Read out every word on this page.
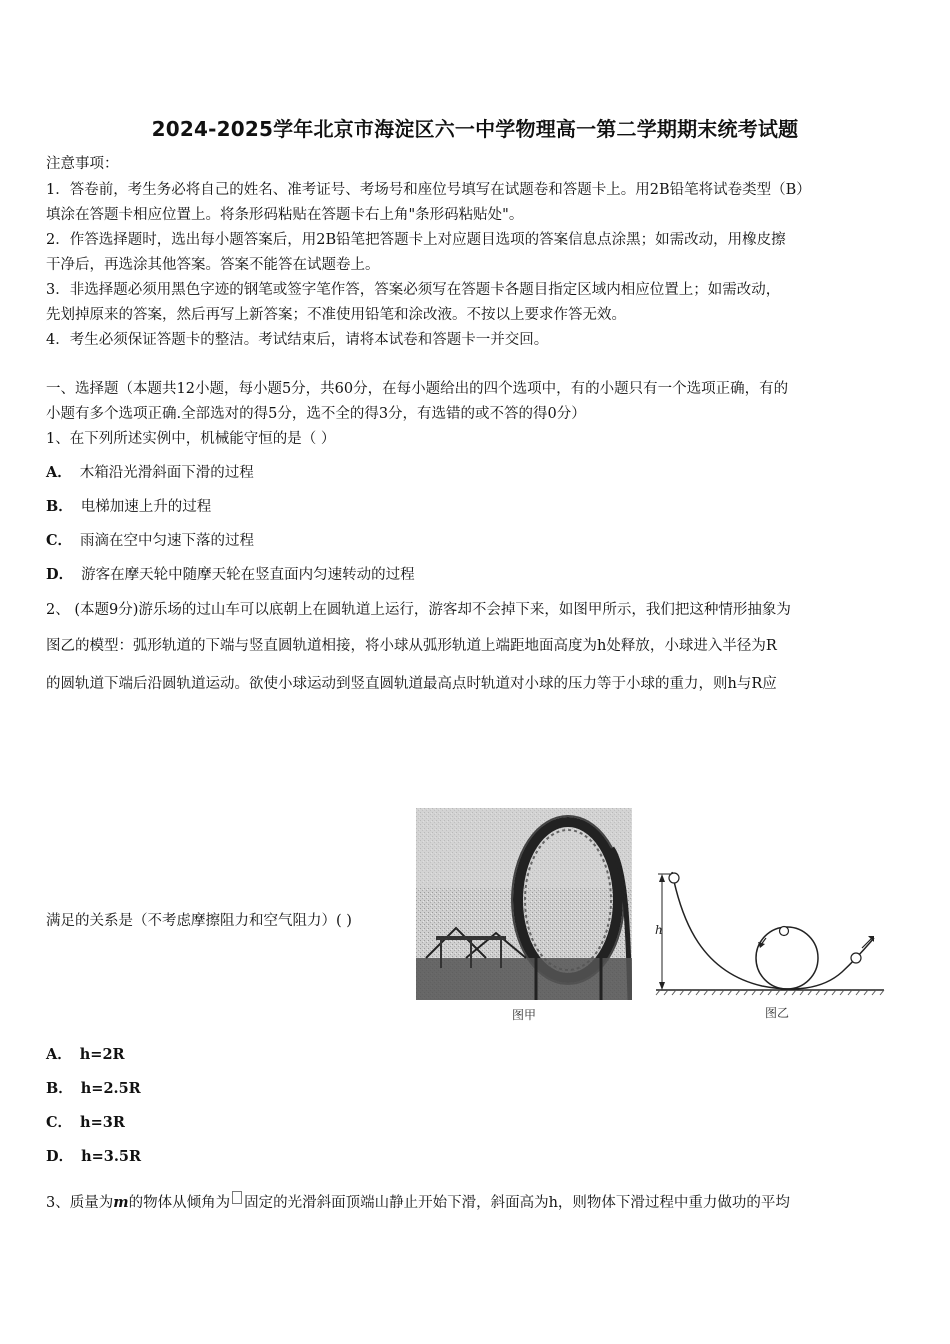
2024-2025学年北京市海淀区六一中学物理高一第二学期期末统考试题
注意事项：
1．答卷前，考生务必将自己的姓名、准考证号、考场号和座位号填写在试题卷和答题卡上。用2B铅笔将试卷类型（B）
填涂在答题卡相应位置上。将条形码粘贴在答题卡右上角"条形码粘贴处"。
2．作答选择题时，选出每小题答案后，用2B铅笔把答题卡上对应题目选项的答案信息点涂黑；如需改动，用橡皮擦
干净后，再选涂其他答案。答案不能答在试题卷上。
3．非选择题必须用黑色字迹的钢笔或签字笔作答，答案必须写在答题卡各题目指定区域内相应位置上；如需改动，
先划掉原来的答案，然后再写上新答案；不准使用铅笔和涂改液。不按以上要求作答无效。
4．考生必须保证答题卡的整洁。考试结束后，请将本试卷和答题卡一并交回。
一、选择题（本题共12小题，每小题5分，共60分，在每小题给出的四个选项中，有的小题只有一个选项正确，有的
小题有多个选项正确.全部选对的得5分，选不全的得3分，有选错的或不答的得0分）
1、在下列所述实例中，机械能守恒的是（ ）
A． 木箱沿光滑斜面下滑的过程
B． 电梯加速上升的过程
C． 雨滴在空中匀速下落的过程
D． 游客在摩天轮中随摩天轮在竖直面内匀速转动的过程
2、 (本题9分)游乐场的过山车可以底朝上在圆轨道上运行，游客却不会掉下来，如图甲所示，我们把这种情形抽象为
图乙的模型：弧形轨道的下端与竖直圆轨道相接，将小球从弧形轨道上端距地面高度为h处释放，小球进入半径为R
的圆轨道下端后沿圆轨道运动。欲使小球运动到竖直圆轨道最高点时轨道对小球的压力等于小球的重力，则h与R应
满足的关系是（不考虑摩擦阻力和空气阻力）( )
图甲
h
图乙
A． h=2R
B． h=2.5R
C． h=3R
D． h=3.5R
3、质量为m的物体从倾角为 固定的光滑斜面顶端山静止开始下滑，斜面高为h，则物体下滑过程中重力做功的平均
